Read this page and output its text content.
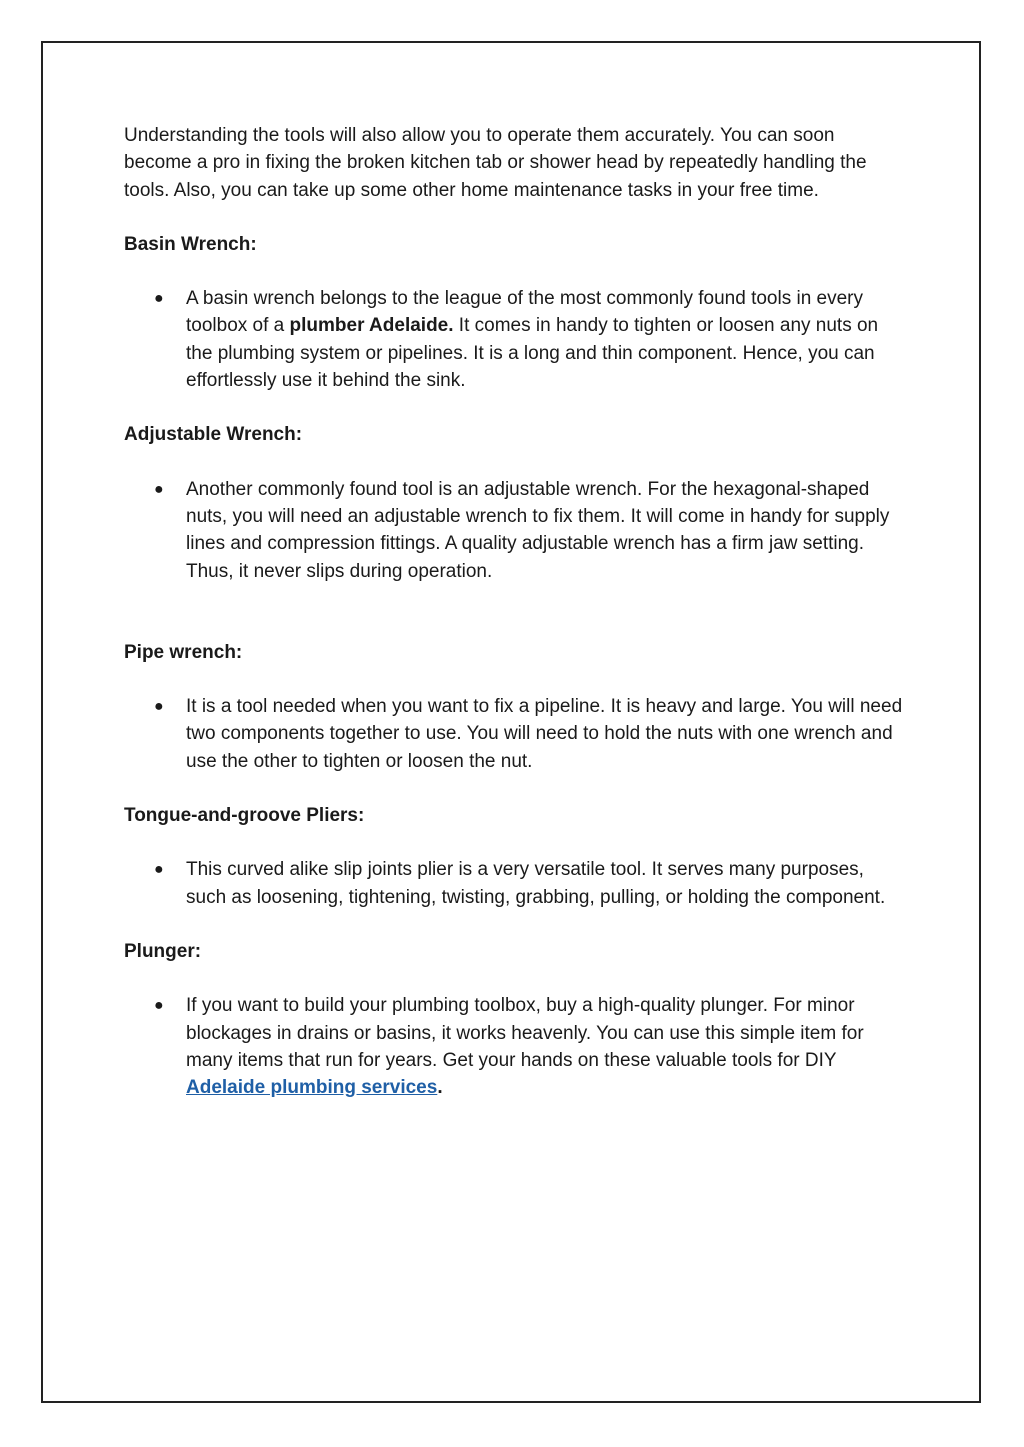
Understanding the tools will also allow you to operate them accurately. You can soon become a pro in fixing the broken kitchen tab or shower head by repeatedly handling the tools. Also, you can take up some other home maintenance tasks in your free time.

Basin Wrench:

● A basin wrench belongs to the league of the most commonly found tools in every toolbox of a plumber Adelaide. It comes in handy to tighten or loosen any nuts on the plumbing system or pipelines. It is a long and thin component. Hence, you can effortlessly use it behind the sink.

Adjustable Wrench:

● Another commonly found tool is an adjustable wrench. For the hexagonal-shaped nuts, you will need an adjustable wrench to fix them. It will come in handy for supply lines and compression fittings. A quality adjustable wrench has a firm jaw setting. Thus, it never slips during operation.

Pipe wrench:

● It is a tool needed when you want to fix a pipeline. It is heavy and large. You will need two components together to use. You will need to hold the nuts with one wrench and use the other to tighten or loosen the nut.

Tongue-and-groove Pliers:

● This curved alike slip joints plier is a very versatile tool. It serves many purposes, such as loosening, tightening, twisting, grabbing, pulling, or holding the component.

Plunger:

● If you want to build your plumbing toolbox, buy a high-quality plunger. For minor blockages in drains or basins, it works heavenly. You can use this simple item for many items that run for years. Get your hands on these valuable tools for DIY Adelaide plumbing services.
